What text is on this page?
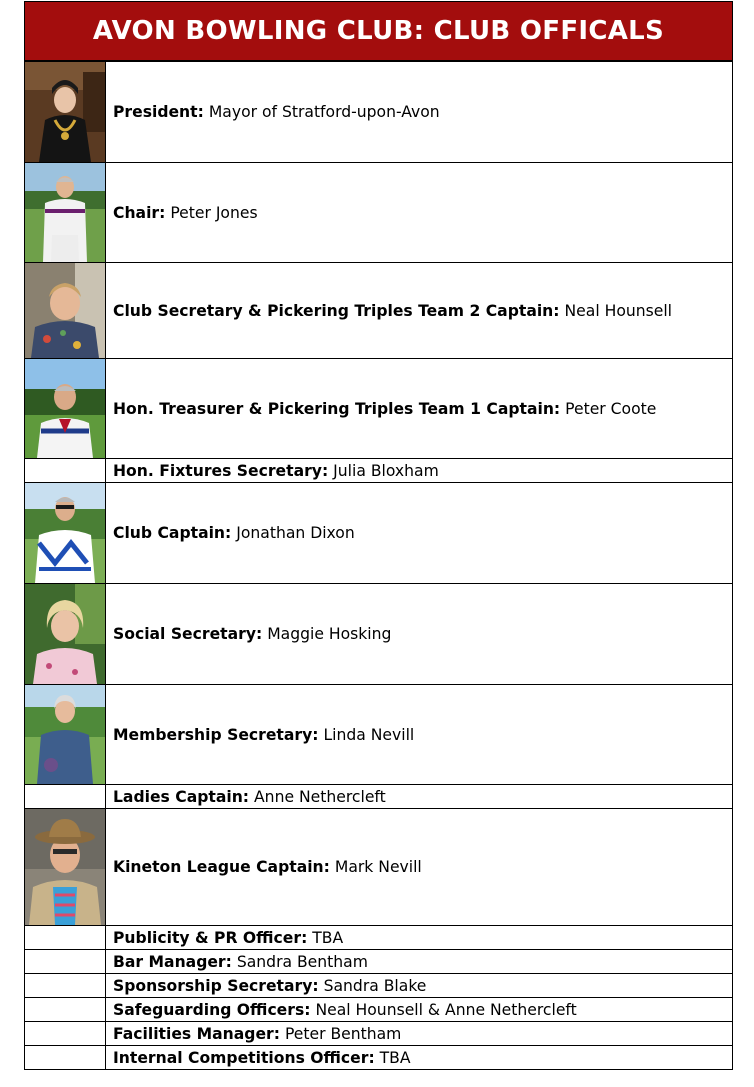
AVON BOWLING CLUB: CLUB OFFICALS
	President: Mayor of Stratford-upon-Avon

	Chair: Peter Jones

	Club Secretary & Pickering Triples Team 2 Captain: Neal Hounsell

	Hon. Treasurer & Pickering Triples Team 1 Captain: Peter Coote
	Hon. Fixtures Secretary: Julia Bloxham

	Club Captain: Jonathan Dixon

	Social Secretary: Maggie Hosking

	Membership Secretary: Linda Nevill
	Ladies Captain: Anne Nethercleft

	Kineton League Captain: Mark Nevill
	Publicity & PR Officer: TBA
	Bar Manager: Sandra Bentham
	Sponsorship Secretary: Sandra Blake
	Safeguarding Officers: Neal Hounsell & Anne Nethercleft
	Facilities Manager: Peter Bentham
	Internal Competitions Officer: TBA
